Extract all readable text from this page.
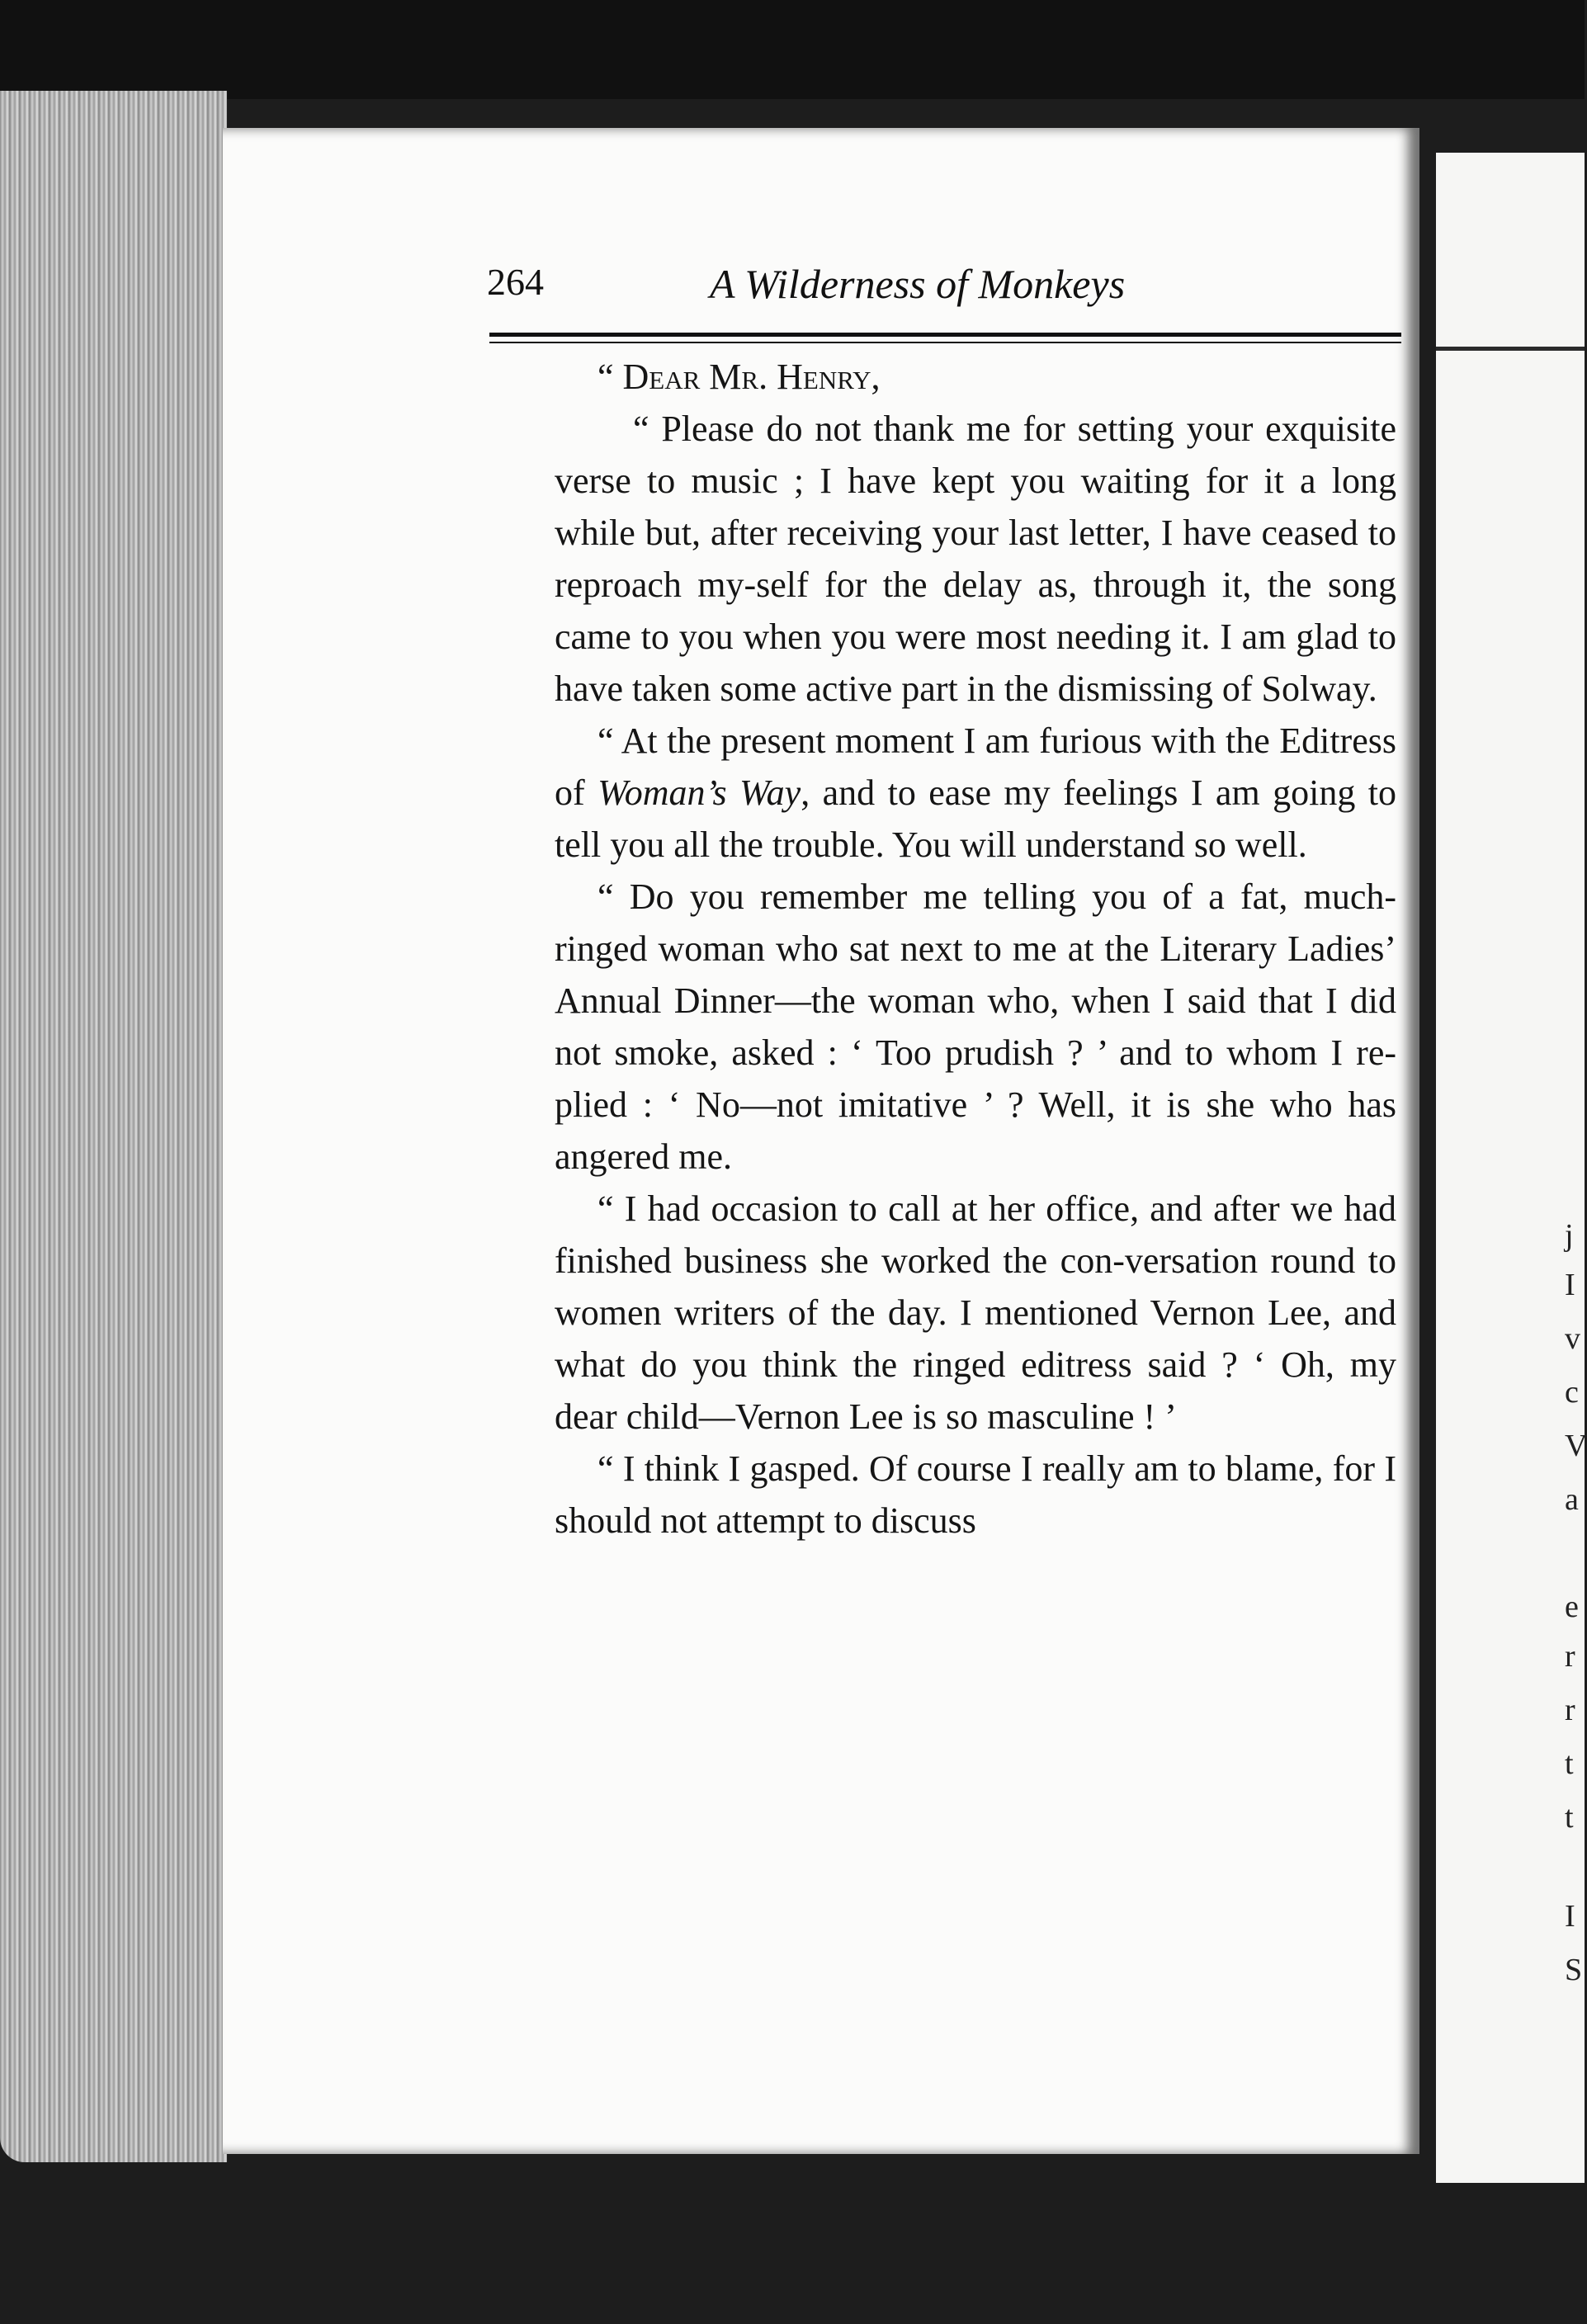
j
I
v
c
V
a
e
r
r
t
t
I
S
264	A Wilderness of Monkeys

“ Dear Mr. Henry,

“ Please do not thank me for setting your exquisite verse to music ; I have kept you waiting for it a long while but, after receiving your last letter, I have ceased to reproach my-self for the delay as, through it, the song came to you when you were most needing it. I am glad to have taken some active part in the dismissing of Solway.

“ At the present moment I am furious with the Editress of Woman’s Way, and to ease my feelings I am going to tell you all the trouble. You will understand so well.

“ Do you remember me telling you of a fat, much-ringed woman who sat next to me at the Literary Ladies’ Annual Dinner—the woman who, when I said that I did not smoke, asked : ‘ Too prudish ? ’ and to whom I re-plied : ‘ No—not imitative ’ ? Well, it is she who has angered me.

“ I had occasion to call at her office, and after we had finished business she worked the con-versation round to women writers of the day. I mentioned Vernon Lee, and what do you think the ringed editress said ? ‘ Oh, my dear child—Vernon Lee is so masculine ! ’

“ I think I gasped. Of course I really am to blame, for I should not attempt to discuss
